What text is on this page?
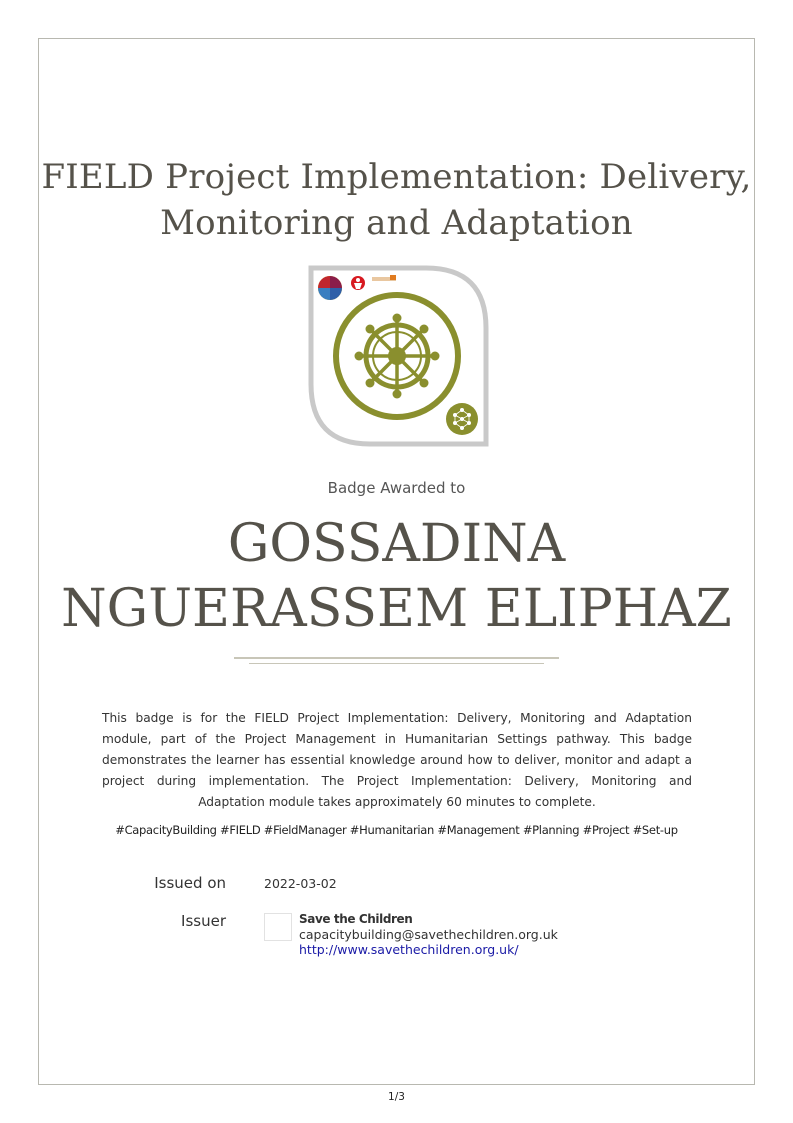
FIELD Project Implementation: Delivery, Monitoring and Adaptation
Badge Awarded to
GOSSADINA NGUERASSEM ELIPHAZ

This badge is for the FIELD Project Implementation: Delivery, Monitoring and Adaptation module, part of the Project Management in Humanitarian Settings pathway. This badge demonstrates the learner has essential knowledge around how to deliver, monitor and adapt a project during implementation. The Project Implementation: Delivery, Monitoring and Adaptation module takes approximately 60 minutes to complete.

#CapacityBuilding #FIELD #FieldManager #Humanitarian #Management #Planning #Project #Set-up
Issued on	2022-03-02
Issuer	Save the Children
capacitybuilding@savethechildren.org.uk
http://www.savethechildren.org.uk/
1/3
